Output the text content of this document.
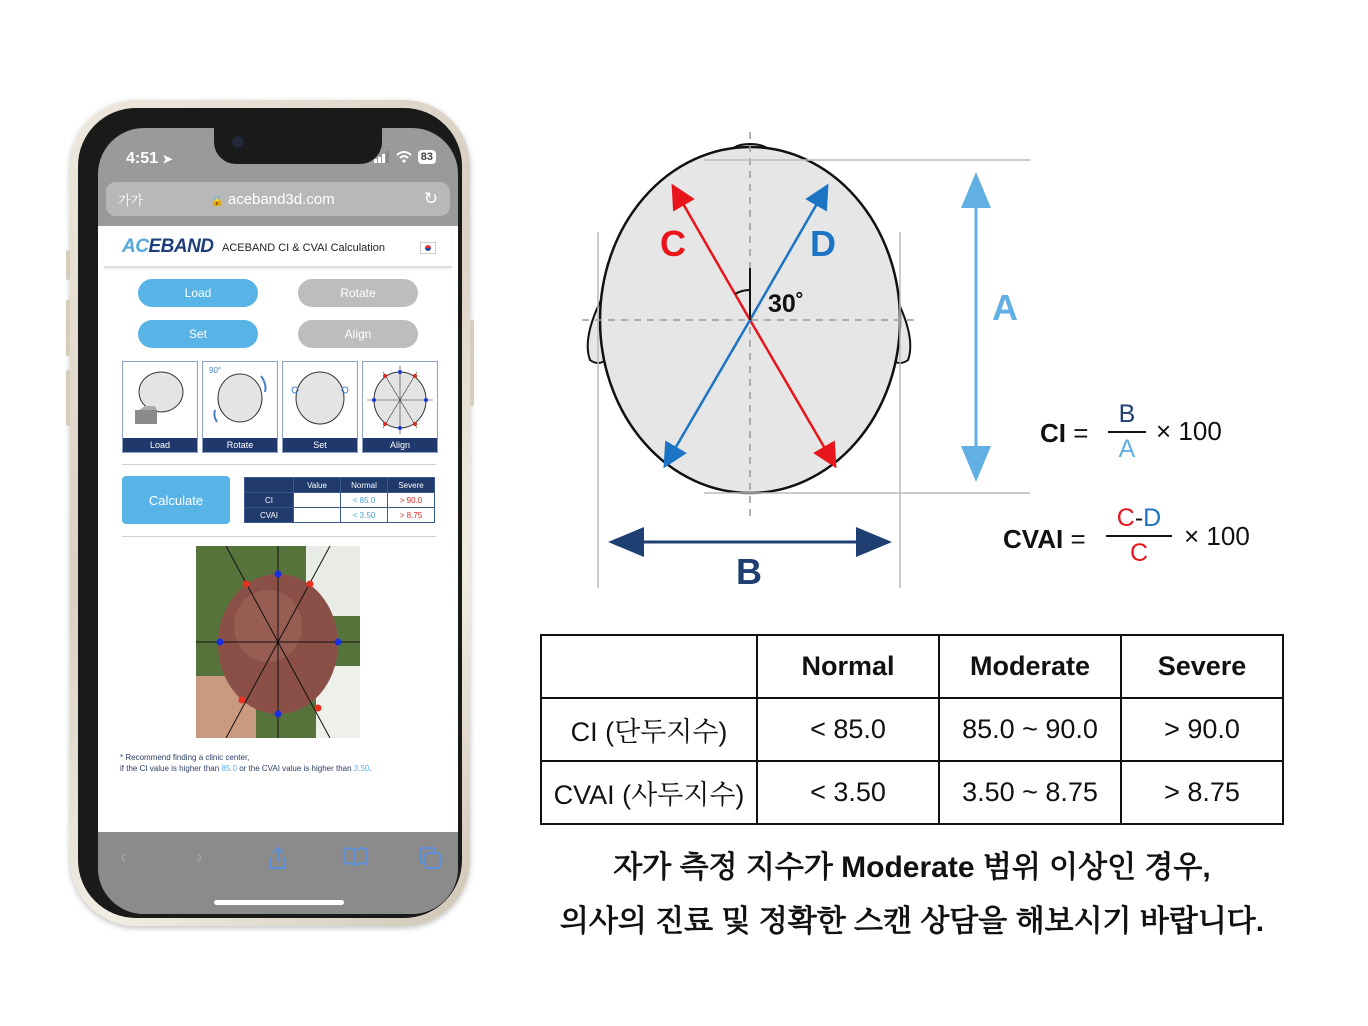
4:51 ➤	83
가가	🔒 aceband3d.com	↻
ACEBAND ACEBAND CI & CVAI Calculation
Load	Rotate
Set	Align
Load
90°
Rotate	Set	Align
Calculate
	Value	Normal	Severe
CI		< 85.0	> 90.0
CVAI		< 3.50	> 8.75
* Recommend finding a clinic center,
if the CI value is higher than 85.0 or the CVAI value is higher than 3.50.
‹	›
30˚
C	D
A
B
CI =
B
A
× 100
CVAI =
C-D
C
× 100
	Normal	Moderate	Severe
CI (단두지수)	< 85.0	85.0 ~ 90.0	> 90.0
CVAI (사두지수)	< 3.50	3.50 ~ 8.75	> 8.75
자가 측정 지수가 Moderate 범위 이상인 경우,
의사의 진료 및 정확한 스캔 상담을 해보시기 바랍니다.
